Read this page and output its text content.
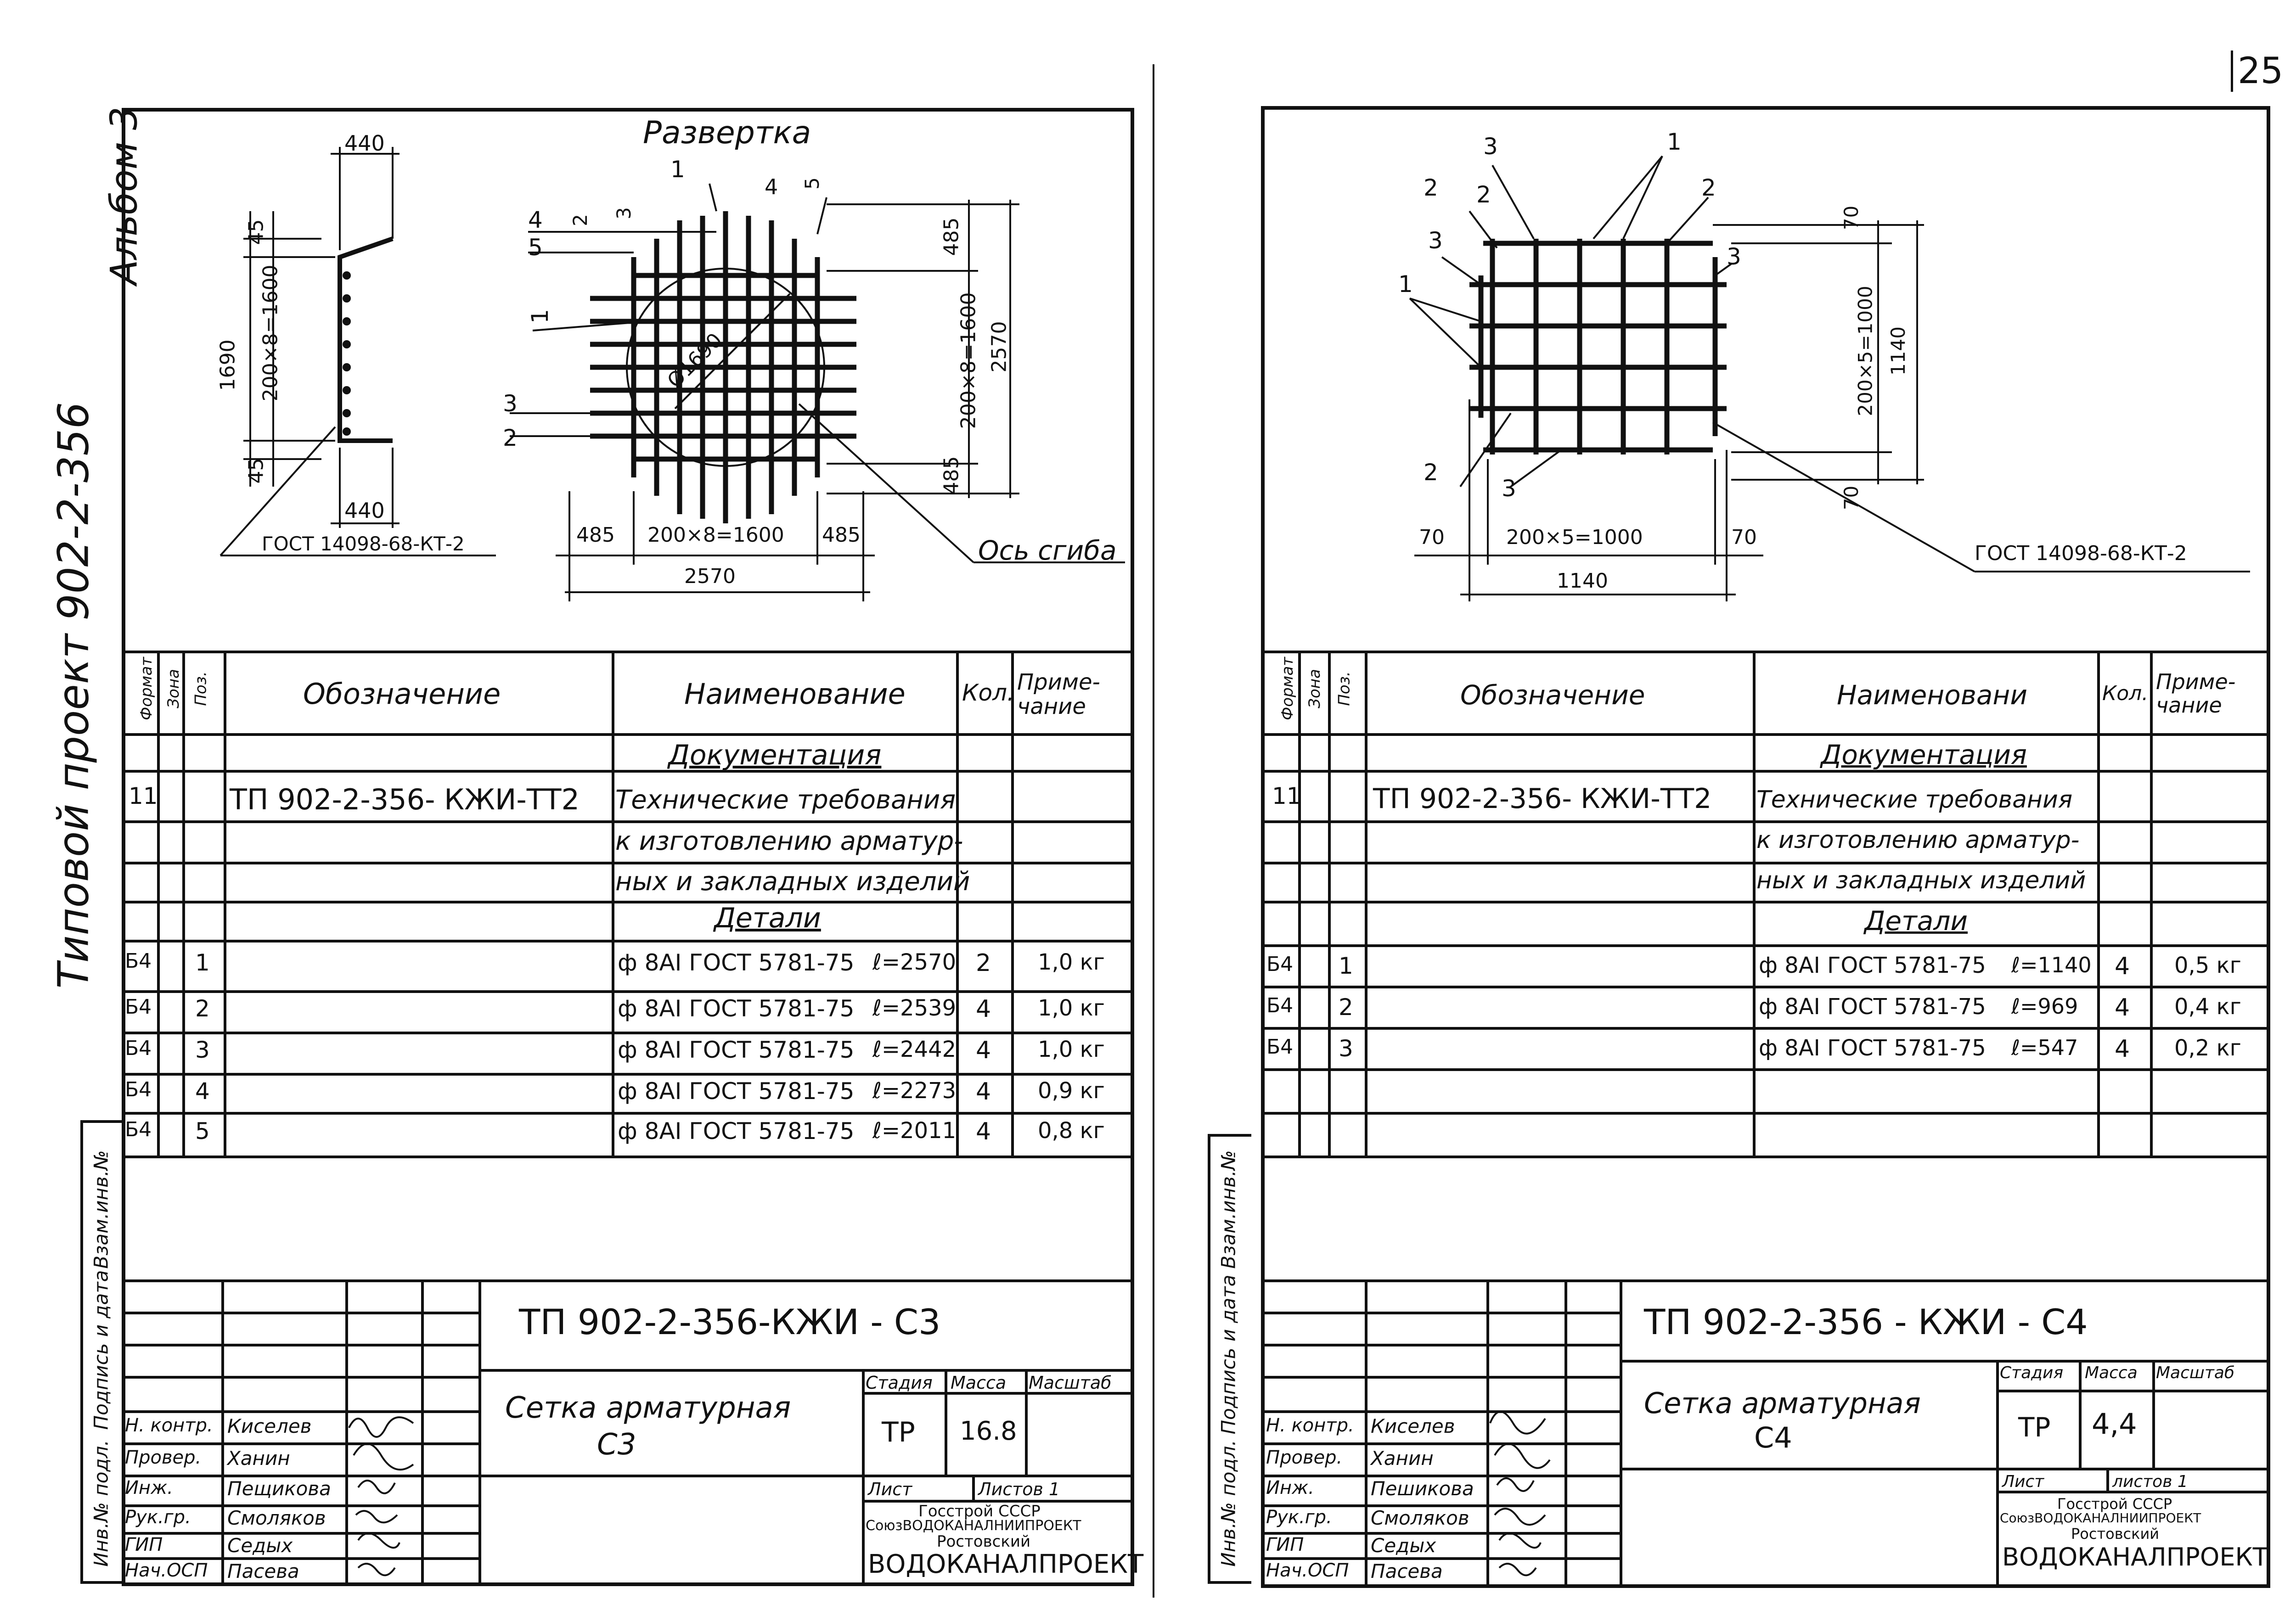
25
Альбом 3
Типовой проект 902-2-356
Взам.инв.№
Подпись и дата
Инв.№ подл.
Взам.инв.№
Подпись и дата
Инв.№ подл.
Развертка
440
45
200×8=1600
1690
45
440
ГОСТ 14098-68-КТ-2
4
5
1
3
2
1
2
3
4 5
Ø1690
485
200×8=1600 2570
485
485 200×8=1600 485
2570
Ось сгиба
Формат Зона Поз.	Обозначение	Наименование Кол. Приме-чание
Документация
11	ТП 902-2-356- КЖИ-ТТ2 Технические требования
к изготовлению арматур-
ных и закладных изделий
Детали
Б4 1	ф 8АI ГОСТ 5781-75 ℓ=2570 2 1,0 кг
Б4 2	ф 8АI ГОСТ 5781-75 ℓ=2539 4 1,0 кг
Б4 3	ф 8АI ГОСТ 5781-75 ℓ=2442 4 1,0 кг
Б4 4	ф 8АI ГОСТ 5781-75 ℓ=2273 4 0,9 кг
Б4 5	ф 8АI ГОСТ 5781-75 ℓ=2011 4 0,8 кг
ТП 902-2-356-КЖИ - С3
Сетка арматурная
С3
Стадия Масса Масштаб
ТР 16.8
Лист	Листов 1
Госстрой СССР
СоюзВОДОКАНАЛНИИПРОЕКТ
Ростовский
ВОДОКАНАЛПРОЕКТ
Н. контр. Киселев
Провер. Ханин
Инж.	Пещикова
Рук.гр. Смоляков
ГИП	Седых
Нач.ОСП Пасева
70
200×5=1000 1140
70
70	200×5=1000	70
1140
ГОСТ 14098-68-КТ-2
3	1
2 2	2
3
3
1
2
3
Формат Зона Поз.	Обозначение	Наименовани	Кол. Приме-чание
Документация
11	ТП 902-2-356- КЖИ-ТТ2 Технические требования
к изготовлению арматур-
ных и закладных изделий
Детали
Б4 1	ф 8АI ГОСТ 5781-75 ℓ=1140 4 0,5 кг
Б4 2	ф 8АI ГОСТ 5781-75 ℓ=969 4 0,4 кг
Б4 3	ф 8АI ГОСТ 5781-75 ℓ=547 4 0,2 кг
ТП 902-2-356 - КЖИ - С4
Сетка арматурная
С4
Стадия Масса Масштаб
ТР 4,4
Лист	листов 1
Госстрой СССР
СоюзВОДОКАНАЛНИИПРОЕКТ
Ростовский
ВОДОКАНАЛПРОЕКТ
Н. контр. Киселев
Провер. Ханин
Инж.	Пешикова
Рук.гр. Смоляков
ГИП	Седых
Нач.ОСП Пасева
